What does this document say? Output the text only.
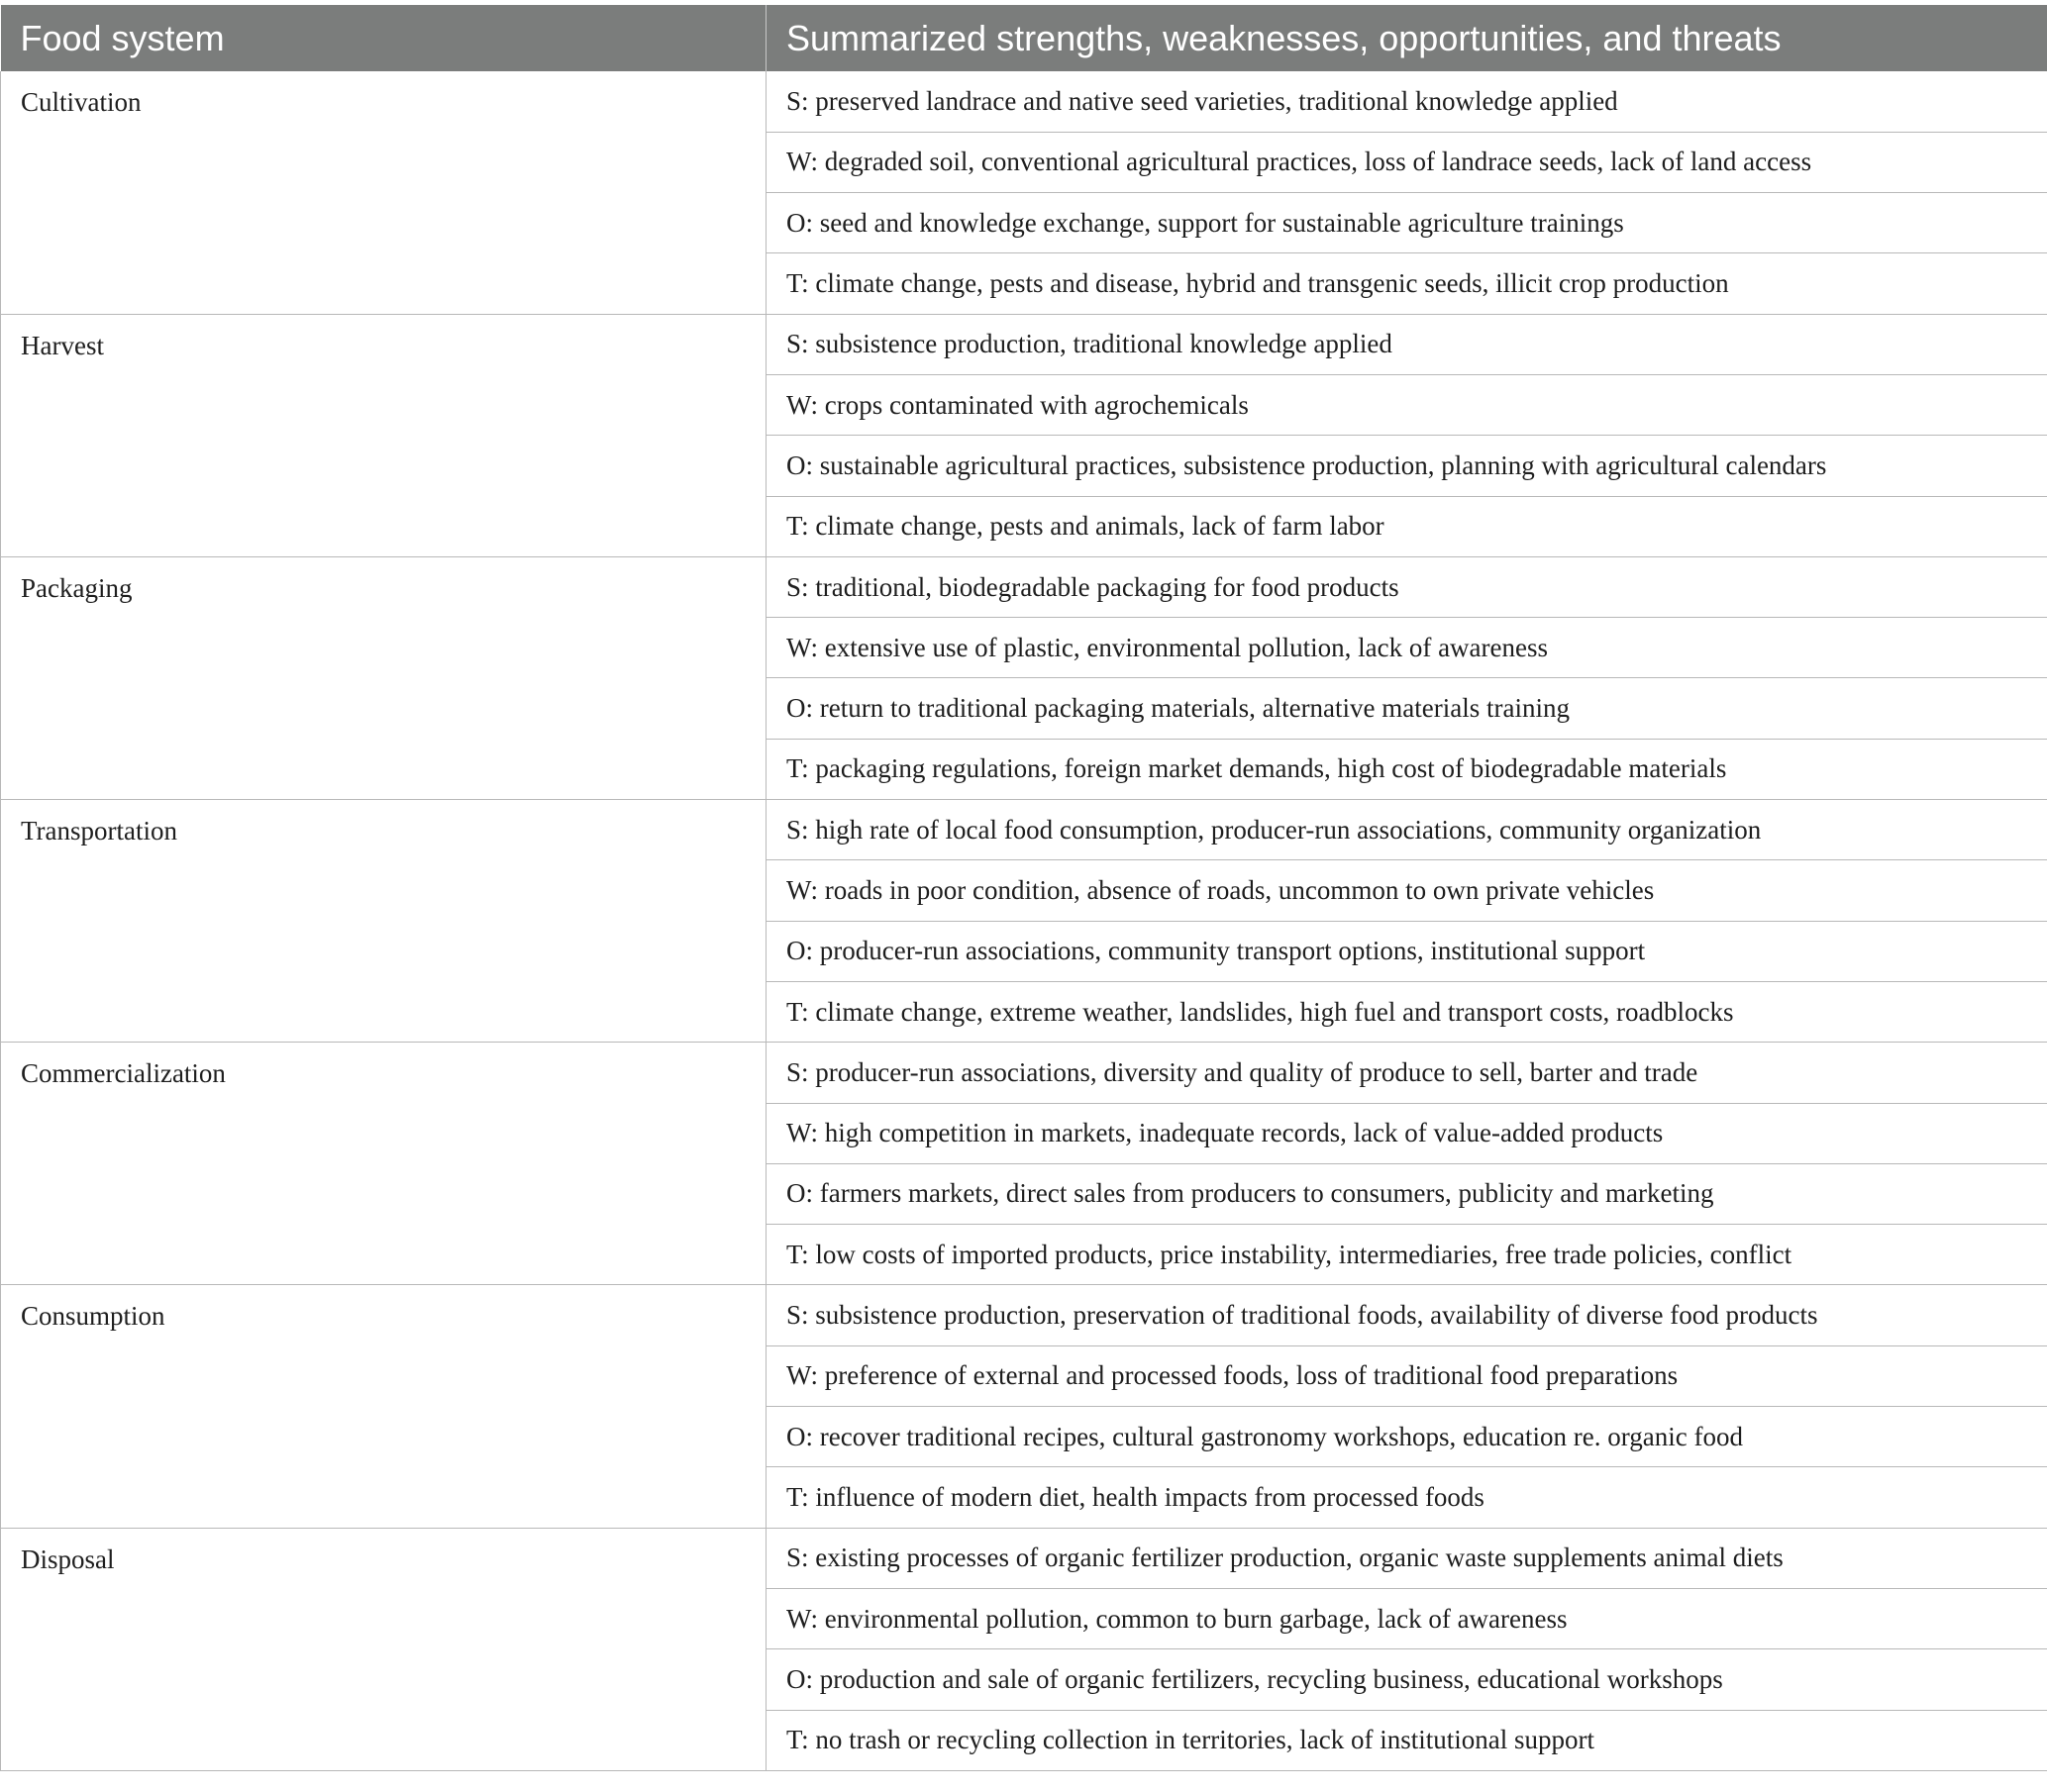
Food system	Summarized strengths, weaknesses, opportunities, and threats
Cultivation	S: preserved landrace and native seed varieties, traditional knowledge applied
	W: degraded soil, conventional agricultural practices, loss of landrace seeds, lack of land access
	O: seed and knowledge exchange, support for sustainable agriculture trainings
	T: climate change, pests and disease, hybrid and transgenic seeds, illicit crop production
Harvest	S: subsistence production, traditional knowledge applied
	W: crops contaminated with agrochemicals
	O: sustainable agricultural practices, subsistence production, planning with agricultural calendars
	T: climate change, pests and animals, lack of farm labor
Packaging	S: traditional, biodegradable packaging for food products
	W: extensive use of plastic, environmental pollution, lack of awareness
	O: return to traditional packaging materials, alternative materials training
	T: packaging regulations, foreign market demands, high cost of biodegradable materials
Transportation	S: high rate of local food consumption, producer-run associations, community organization
	W: roads in poor condition, absence of roads, uncommon to own private vehicles
	O: producer-run associations, community transport options, institutional support
	T: climate change, extreme weather, landslides, high fuel and transport costs, roadblocks
Commercialization	S: producer-run associations, diversity and quality of produce to sell, barter and trade
	W: high competition in markets, inadequate records, lack of value-added products
	O: farmers markets, direct sales from producers to consumers, publicity and marketing
	T: low costs of imported products, price instability, intermediaries, free trade policies, conflict
Consumption	S: subsistence production, preservation of traditional foods, availability of diverse food products
	W: preference of external and processed foods, loss of traditional food preparations
	O: recover traditional recipes, cultural gastronomy workshops, education re. organic food
	T: influence of modern diet, health impacts from processed foods
Disposal	S: existing processes of organic fertilizer production, organic waste supplements animal diets
	W: environmental pollution, common to burn garbage, lack of awareness
	O: production and sale of organic fertilizers, recycling business, educational workshops
	T: no trash or recycling collection in territories, lack of institutional support
